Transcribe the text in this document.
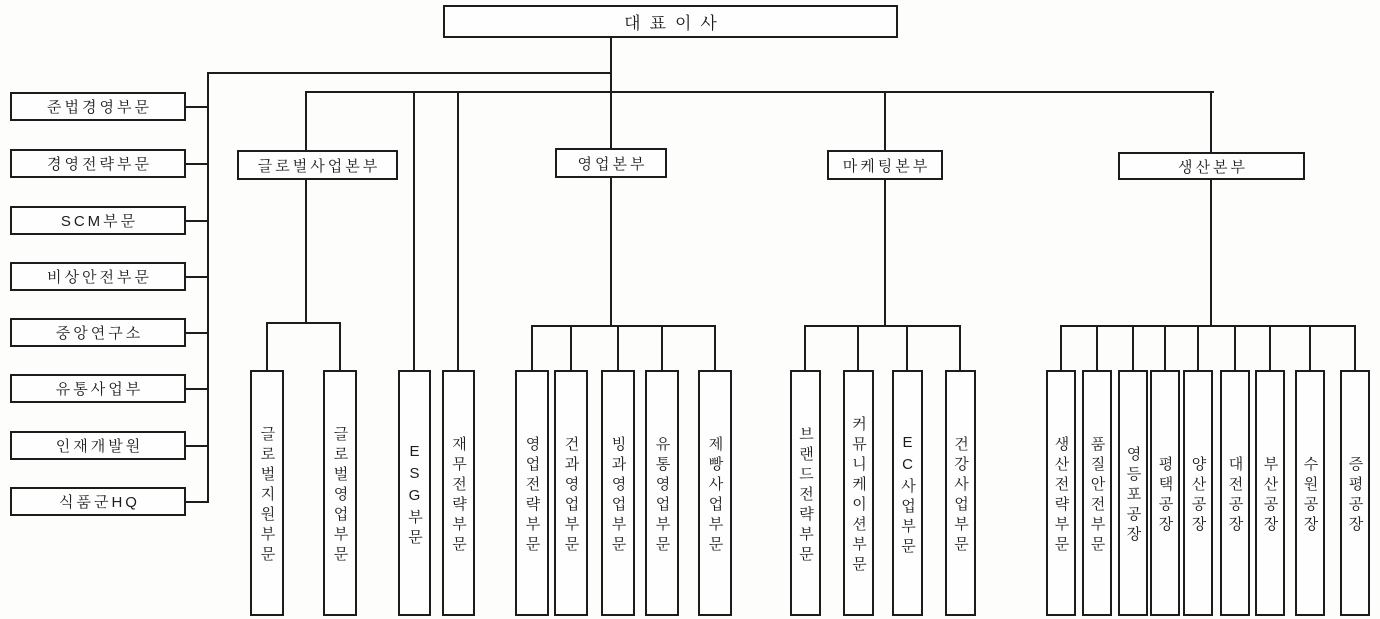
대표이사
준법경영부문
경영전략부문
SCM부문
비상안전부문
중앙연구소
유통사업부
인재개발원
식품군HQ
글로벌사업본부
글로벌지원부문	글로벌영업부문
영업본부
영업전략부문	건과영업부문	빙과영업부문	유통영업부문	제빵사업부문
마케팅본부
브랜드전략부문	커뮤니케이션부문	EC사업부문	건강사업부문
생산본부
생산전략부문	품질안전부문	영등포공장	평택공장	양산공장	대전공장	부산공장	수원공장	증평공장
ESG부문	재무전략부문
